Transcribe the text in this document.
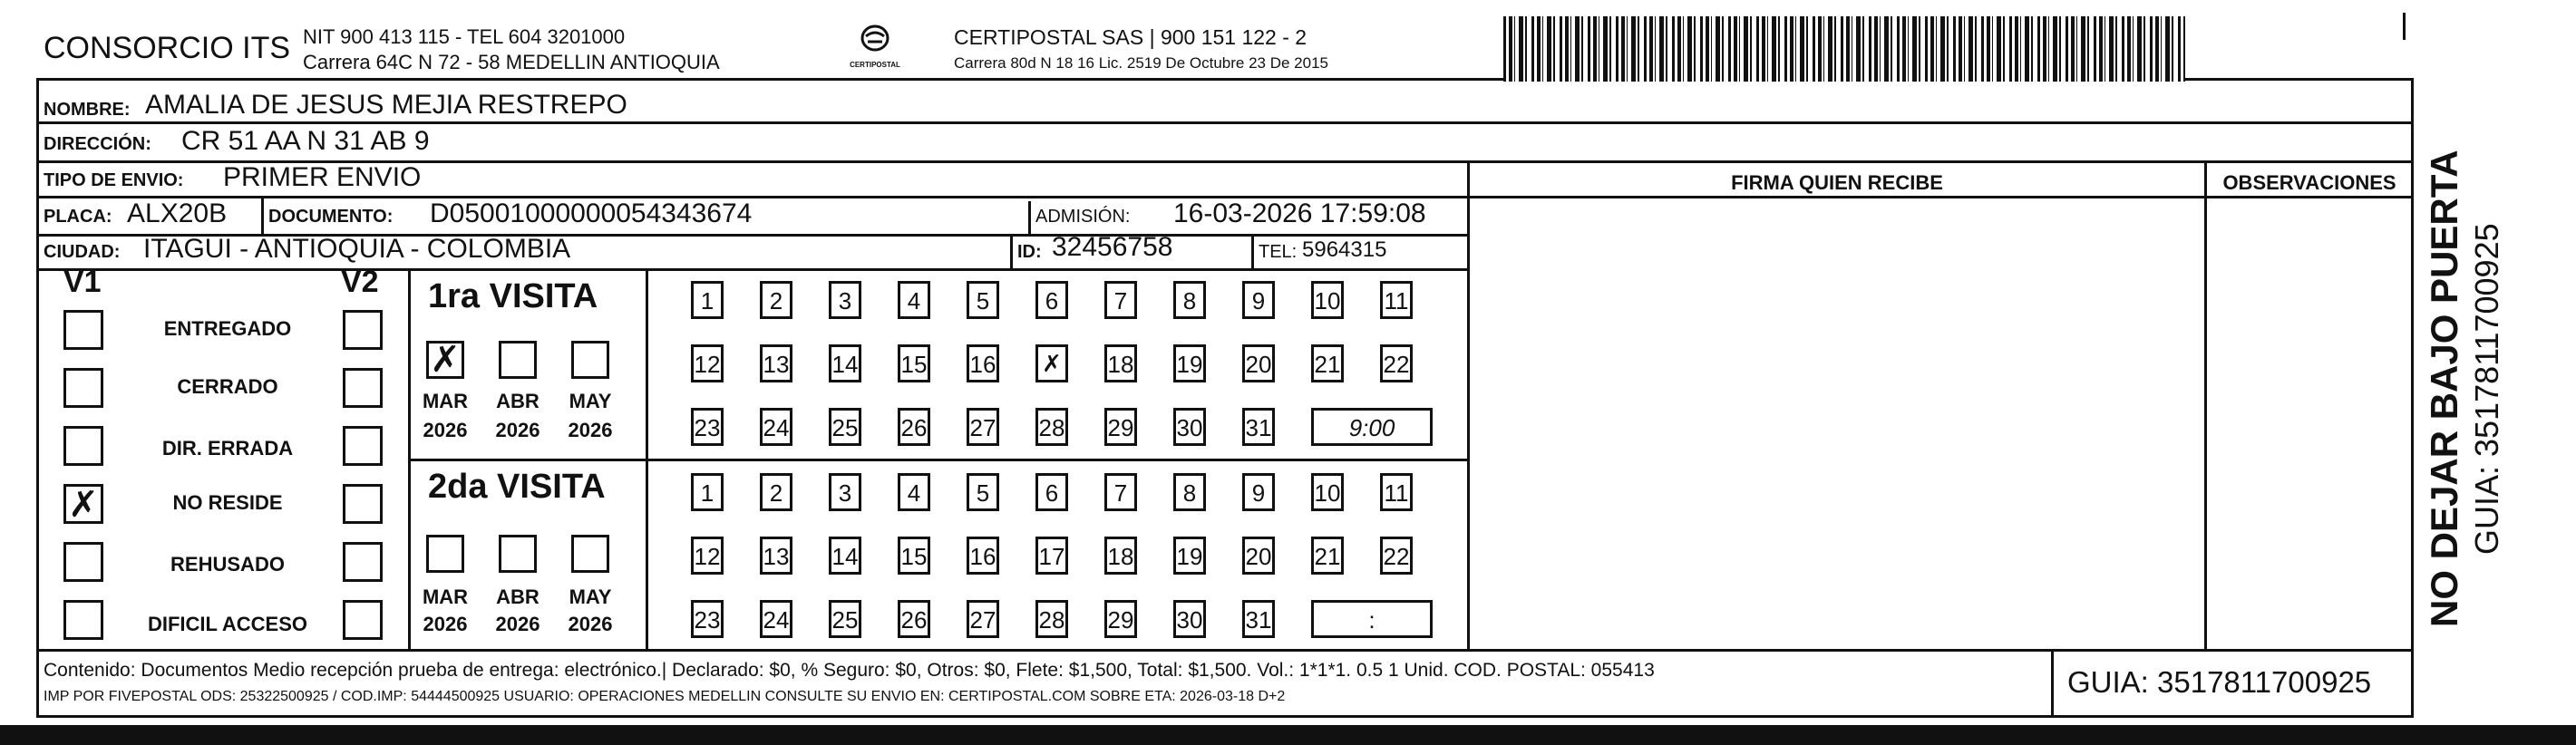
CONSORCIO ITS NIT 900 413 115 - TEL 604 3201000
Carrera 64C N 72 - 58 MEDELLIN ANTIOQUIA	CERTIPOSTAL
CERTIPOSTAL SAS | 900 151 122 - 2
Carrera 80d N 18 16 Lic. 2519 De Octubre 23 De 2015
NOMBRE: AMALIA DE JESUS MEJIA RESTREPO
DIRECCIÓN: CR 51 AA N 31 AB 9
TIPO DE ENVIO: PRIMER ENVIO	FIRMA QUIEN RECIBE	OBSERVACIONES
PLACA: ALX20B DOCUMENTO: D05001000000054343674	ADMISIÓN: 16-03-2026 17:59:08
CIUDAD: ITAGUI - ANTIOQUIA - COLOMBIA	ID: 32456758	TEL: 5964315
V1	V2
ENTREGADO
CERRADO
DIR. ERRADA
✗	NO RESIDE
REHUSADO
DIFICIL ACCESO
1ra VISITA
✗
MAR	ABR	MAY
2026	2026	2026
1	2	3	4	5	6	7	8	9	10 11
12 13 14 15 16 ✗ 18 19 20 21 22
23 24 25 26 27 28 29 30 31	9:00
2da VISITA
MAR	ABR	MAY
2026	2026	2026
1	2	3	4	5	6	7	8	9	10 11
12 13 14 15 16 17 18 19 20 21 22
23 24 25 26 27 28 29 30 31	:
Contenido: Documentos Medio recepción prueba de entrega: electrónico.| Declarado: $0, % Seguro: $0, Otros: $0, Flete: $1,500, Total: $1,500. Vol.: 1*1*1. 0.5 1 Unid. COD. POSTAL: 055413
IMP POR FIVEPOSTAL ODS: 25322500925 / COD.IMP: 54444500925 USUARIO: OPERACIONES MEDELLIN CONSULTE SU ENVIO EN: CERTIPOSTAL.COM SOBRE ETA: 2026-03-18 D+2	GUIA: 3517811700925
NO DEJAR BAJO PUERTA GUIA: 3517811700925
